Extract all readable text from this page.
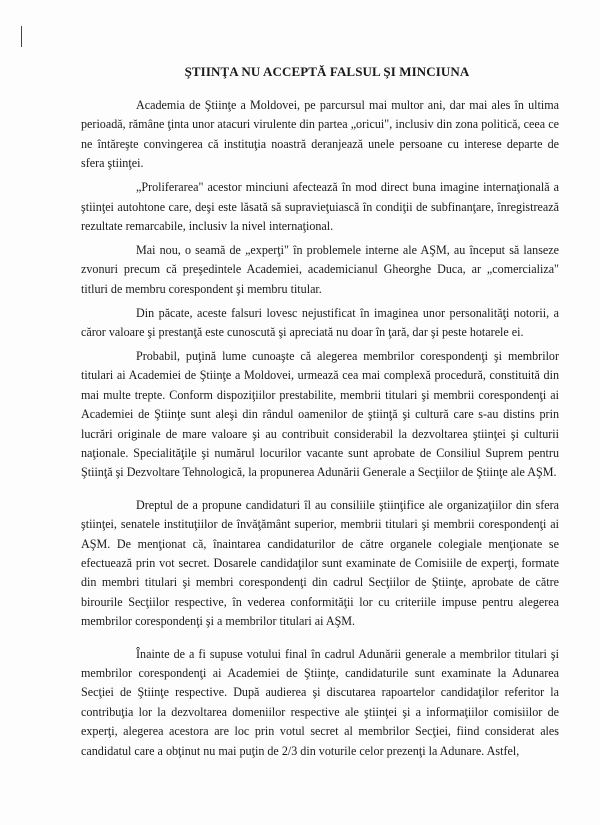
ŞTIINŢA NU ACCEPTĂ FALSUL ŞI MINCIUNA

Academia de Ştiinţe a Moldovei, pe parcursul mai multor ani, dar mai ales în ultima perioadă, rămâne ţinta unor atacuri virulente din partea „oricui", inclusiv din zona politică, ceea ce ne întăreşte convingerea că instituţia noastră deranjează unele persoane cu interese departe de sfera ştiinţei.

„Proliferarea" acestor minciuni afectează în mod direct buna imagine internaţională a ştiinţei autohtone care, deşi este lăsată să supravieţuiască în condiţii de subfinanţare, înregistrează rezultate remarcabile, inclusiv la nivel internaţional.

Mai nou, o seamă de „experţi" în problemele interne ale AŞM, au început să lanseze zvonuri precum că preşedintele Academiei, academicianul Gheorghe Duca, ar „comercializa" titluri de membru corespondent şi membru titular.

Din păcate, aceste falsuri lovesc nejustificat în imaginea unor personalităţi notorii, a căror valoare şi prestanţă este cunoscută şi apreciată nu doar în ţară, dar şi peste hotarele ei.

Probabil, puţină lume cunoaşte că alegerea membrilor corespondenţi şi membrilor titulari ai Academiei de Ştiinţe a Moldovei, urmează cea mai complexă procedură, constituită din mai multe trepte. Conform dispoziţiilor prestabilite, membrii titulari şi membrii corespondenţi ai Academiei de Ştiinţe sunt aleşi din rândul oamenilor de ştiinţă şi cultură care s-au distins prin lucrări originale de mare valoare şi au contribuit considerabil la dezvoltarea ştiinţei şi culturii naţionale. Specialităţile şi numărul locurilor vacante sunt aprobate de Consiliul Suprem pentru Ştiinţă şi Dezvoltare Tehnologică, la propunerea Adunării Generale a Secţiilor de Ştiinţe ale AŞM.

Dreptul de a propune candidaturi îl au consiliile ştiinţifice ale organizaţiilor din sfera ştiinţei, senatele instituţiilor de învăţământ superior, membrii titulari şi membrii corespondenţi ai AŞM. De menţionat că, înaintarea candidaturilor de către organele colegiale menţionate se efectuează prin vot secret. Dosarele candidaţilor sunt examinate de Comisiile de experţi, formate din membri titulari şi membri corespondenţi din cadrul Secţiilor de Ştiinţe, aprobate de către birourile Secţiilor respective, în vederea conformităţii lor cu criteriile impuse pentru alegerea membrilor corespondenţi şi a membrilor titulari ai AŞM.

Înainte de a fi supuse votului final în cadrul Adunării generale a membrilor titulari şi membrilor corespondenţi ai Academiei de Ştiinţe, candidaturile sunt examinate la Adunarea Secţiei de Ştiinţe respective. După audierea şi discutarea rapoartelor candidaţilor referitor la contribuţia lor la dezvoltarea domeniilor respective ale ştiinţei şi a informaţiilor comisiilor de experţi, alegerea acestora are loc prin votul secret al membrilor Secţiei, fiind considerat ales candidatul care a obţinut nu mai puţin de 2/3 din voturile celor prezenţi la Adunare. Astfel,
